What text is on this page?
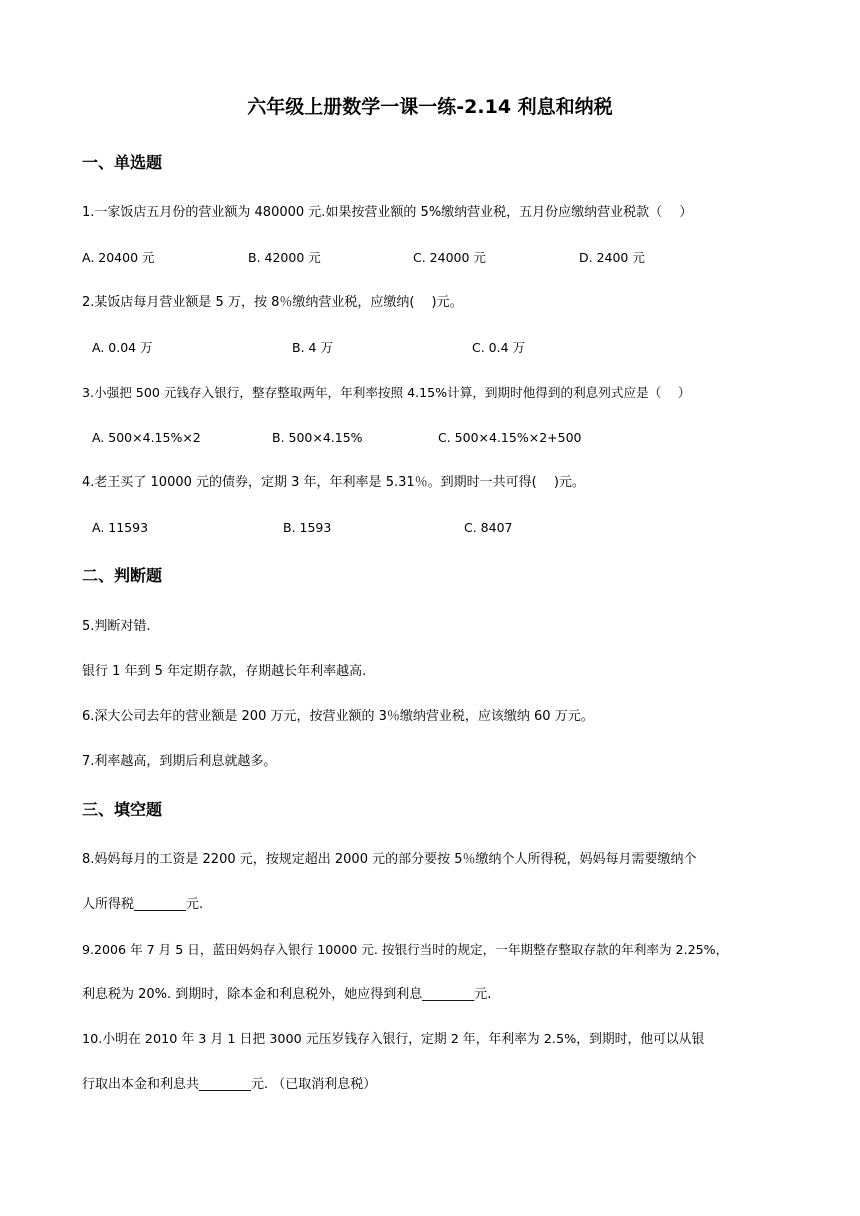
六年级上册数学一课一练-2.14 利息和纳税
一、单选题
1.一家饭店五月份的营业额为 480000 元.如果按营业额的 5%缴纳营业税，五月份应缴纳营业税款（　 ）
A. 20400 元	B. 42000 元	C. 24000 元	D. 2400 元
2.某饭店每月营业额是 5 万，按 8％缴纳营业税，应缴纳(　 )元。
A. 0.04 万	B. 4 万	C. 0.4 万
3.小强把 500 元钱存入银行，整存整取两年，年利率按照 4.15%计算，到期时他得到的利息列式应是（　 ）
A. 500×4.15%×2	B. 500×4.15%	C. 500×4.15%×2+500
4.老王买了 10000 元的债券，定期 3 年，年利率是 5.31％。到期时一共可得(　 )元。
A. 11593	B. 1593	C. 8407
二、判断题
5.判断对错.
银行 1 年到 5 年定期存款，存期越长年利率越高.
6.深大公司去年的营业额是 200 万元，按营业额的 3％缴纳营业税，应该缴纳 60 万元。
7.利率越高，到期后利息就越多。
三、填空题
8.妈妈每月的工资是 2200 元，按规定超出 2000 元的部分要按 5％缴纳个人所得税，妈妈每月需要缴纳个
人所得税________元.
9.2006 年 7 月 5 日，蓝田妈妈存入银行 10000 元. 按银行当时的规定，一年期整存整取存款的年利率为 2.25%，
利息税为 20%. 到期时，除本金和利息税外，她应得到利息________元.
10.小明在 2010 年 3 月 1 日把 3000 元压岁钱存入银行，定期 2 年，年利率为 2.5%，到期时，他可以从银
行取出本金和利息共________元. （已取消利息税）
